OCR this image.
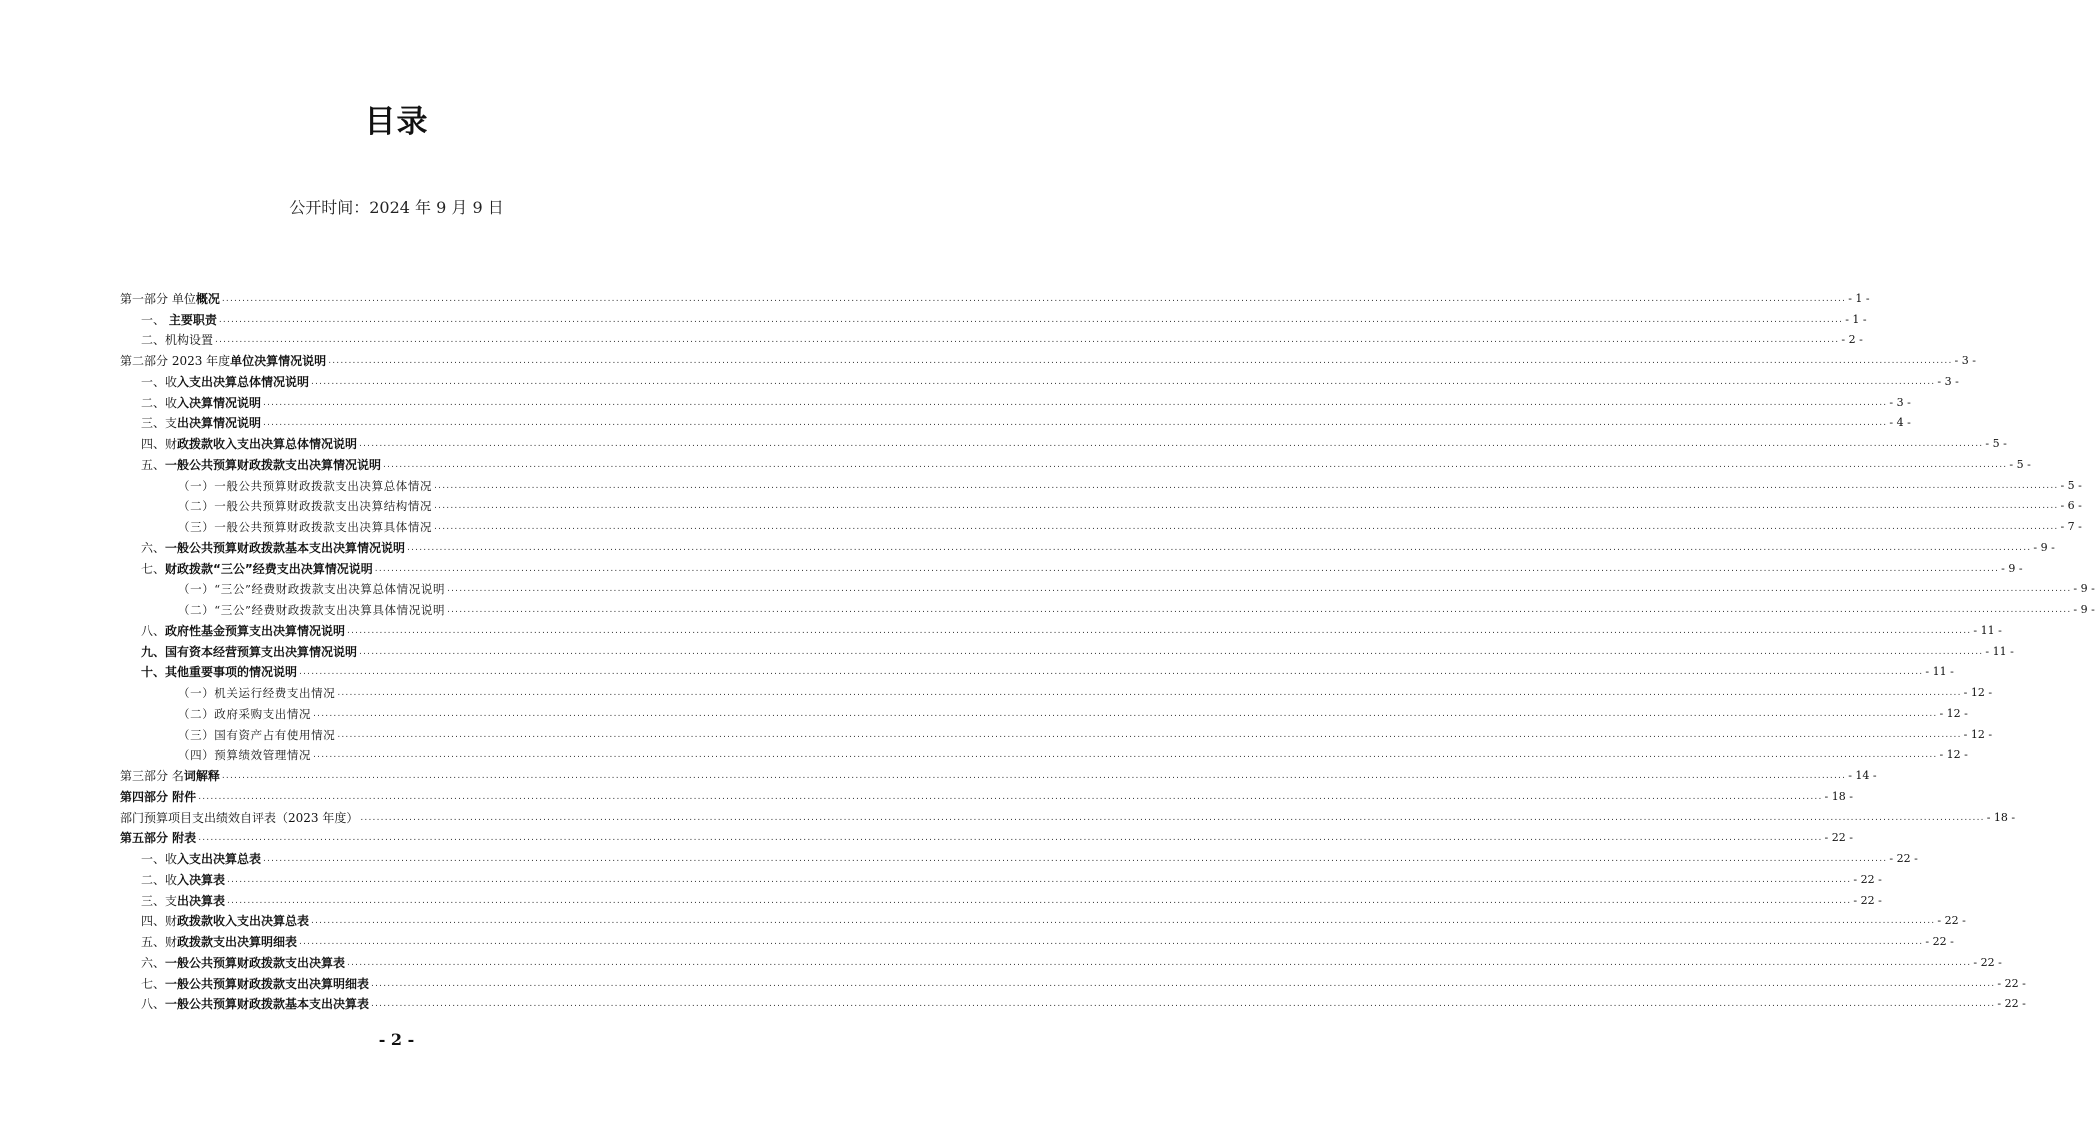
目录
公开时间：2024 年 9 月 9 日
第一部分 单位概况 ................................................................................................................................................................................................................................................................................................................................................................................................................ - 1 -
一、 主要职责 ................................................................................................................................................................................................................................................................................................................................................................................................................ - 1 -
二、机构设置 ................................................................................................................................................................................................................................................................................................................................................................................................................ - 2 -
第二部分 2023 年度单位决算情况说明 ................................................................................................................................................................................................................................................................................................................................................................................................................ - 3 -
一、收入支出决算总体情况说明 ................................................................................................................................................................................................................................................................................................................................................................................................................ - 3 -
二、收入决算情况说明 ................................................................................................................................................................................................................................................................................................................................................................................................................ - 3 -
三、支出决算情况说明 ................................................................................................................................................................................................................................................................................................................................................................................................................ - 4 -
四、财政拨款收入支出决算总体情况说明 ................................................................................................................................................................................................................................................................................................................................................................................................................ - 5 -
五、一般公共预算财政拨款支出决算情况说明 ................................................................................................................................................................................................................................................................................................................................................................................................................ - 5 -
（一）一般公共预算财政拨款支出决算总体情况 ................................................................................................................................................................................................................................................................................................................................................................................................................ - 5 -
（二）一般公共预算财政拨款支出决算结构情况 ................................................................................................................................................................................................................................................................................................................................................................................................................ - 6 -
（三）一般公共预算财政拨款支出决算具体情况 ................................................................................................................................................................................................................................................................................................................................................................................................................ - 7 -
六、一般公共预算财政拨款基本支出决算情况说明 ................................................................................................................................................................................................................................................................................................................................................................................................................ - 9 -
七、财政拨款“三公”经费支出决算情况说明 ................................................................................................................................................................................................................................................................................................................................................................................................................ - 9 -
（一）“三公”经费财政拨款支出决算总体情况说明 ................................................................................................................................................................................................................................................................................................................................................................................................................ - 9 -
（二）“三公”经费财政拨款支出决算具体情况说明 ................................................................................................................................................................................................................................................................................................................................................................................................................ - 9 -
八、政府性基金预算支出决算情况说明 ................................................................................................................................................................................................................................................................................................................................................................................................................ - 11 -
九、国有资本经营预算支出决算情况说明 ................................................................................................................................................................................................................................................................................................................................................................................................................ - 11 -
十、其他重要事项的情况说明 ................................................................................................................................................................................................................................................................................................................................................................................................................ - 11 -
（一）机关运行经费支出情况 ................................................................................................................................................................................................................................................................................................................................................................................................................ - 12 -
（二）政府采购支出情况 ................................................................................................................................................................................................................................................................................................................................................................................................................ - 12 -
（三）国有资产占有使用情况 ................................................................................................................................................................................................................................................................................................................................................................................................................ - 12 -
（四）预算绩效管理情况 ................................................................................................................................................................................................................................................................................................................................................................................................................ - 12 -
第三部分 名词解释 ................................................................................................................................................................................................................................................................................................................................................................................................................ - 14 -
第四部分 附件 ................................................................................................................................................................................................................................................................................................................................................................................................................ - 18 -
部门预算项目支出绩效自评表（2023 年度） ................................................................................................................................................................................................................................................................................................................................................................................................................ - 18 -
第五部分 附表 ................................................................................................................................................................................................................................................................................................................................................................................................................ - 22 -
一、收入支出决算总表 ................................................................................................................................................................................................................................................................................................................................................................................................................ - 22 -
二、收入决算表 ................................................................................................................................................................................................................................................................................................................................................................................................................ - 22 -
三、支出决算表 ................................................................................................................................................................................................................................................................................................................................................................................................................ - 22 -
四、财政拨款收入支出决算总表 ................................................................................................................................................................................................................................................................................................................................................................................................................ - 22 -
五、财政拨款支出决算明细表 ................................................................................................................................................................................................................................................................................................................................................................................................................ - 22 -
六、一般公共预算财政拨款支出决算表 ................................................................................................................................................................................................................................................................................................................................................................................................................ - 22 -
七、一般公共预算财政拨款支出决算明细表 ................................................................................................................................................................................................................................................................................................................................................................................................................ - 22 -
八、一般公共预算财政拨款基本支出决算表 ................................................................................................................................................................................................................................................................................................................................................................................................................ - 22 -
- 2 -
